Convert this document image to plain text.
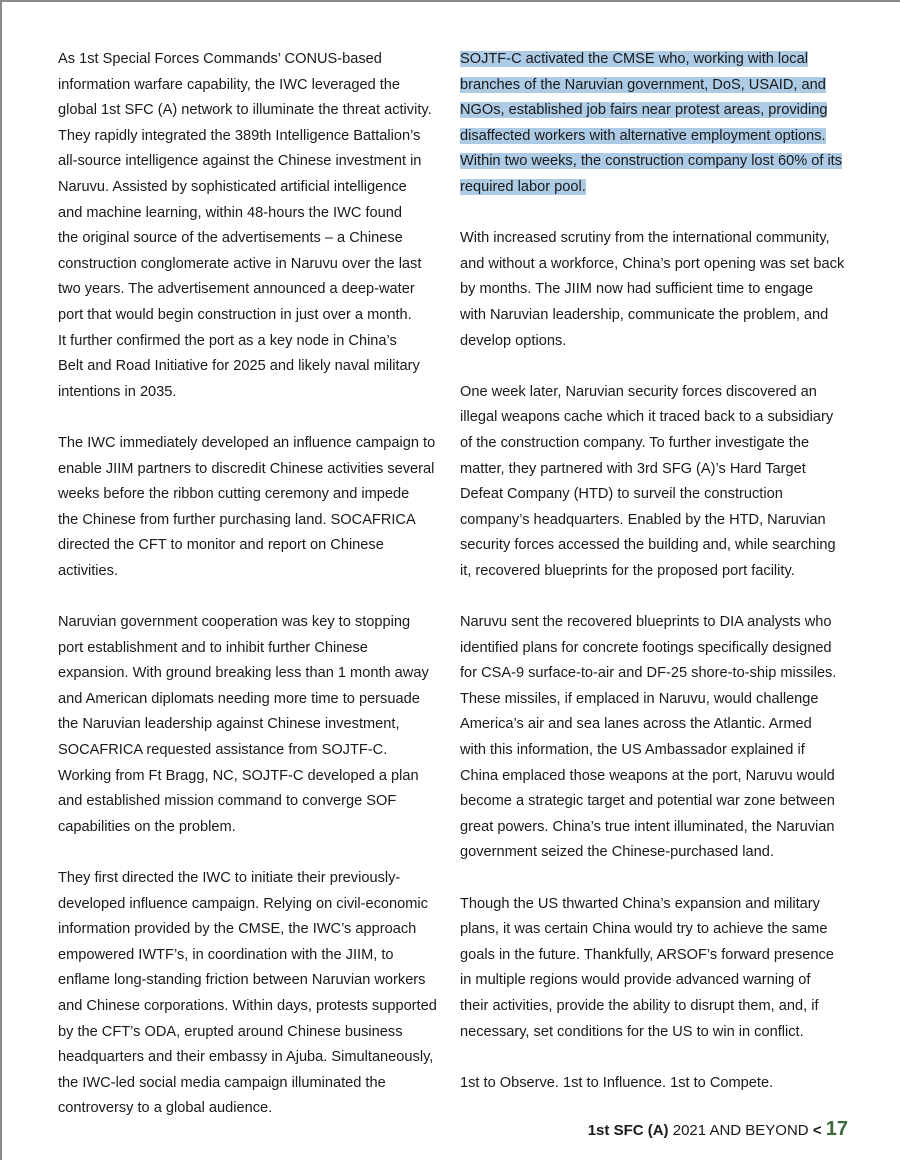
As 1st Special Forces Commands’ CONUS-based
information warfare capability, the IWC leveraged the
global 1st SFC (A) network to illuminate the threat activity.
They rapidly integrated the 389th Intelligence Battalion’s
all-source intelligence against the Chinese investment in
Naruvu. Assisted by sophisticated artificial intelligence
and machine learning, within 48-hours the IWC found
the original source of the advertisements – a Chinese
construction conglomerate active in Naruvu over the last
two years. The advertisement announced a deep-water
port that would begin construction in just over a month.
It further confirmed the port as a key node in China’s
Belt and Road Initiative for 2025 and likely naval military
intentions in 2035.

The IWC immediately developed an influence campaign to
enable JIIM partners to discredit Chinese activities several
weeks before the ribbon cutting ceremony and impede
the Chinese from further purchasing land. SOCAFRICA
directed the CFT to monitor and report on Chinese
activities.

Naruvian government cooperation was key to stopping
port establishment and to inhibit further Chinese
expansion. With ground breaking less than 1 month away
and American diplomats needing more time to persuade
the Naruvian leadership against Chinese investment,
SOCAFRICA requested assistance from SOJTF-C.
Working from Ft Bragg, NC, SOJTF-C developed a plan
and established mission command to converge SOF
capabilities on the problem.

They first directed the IWC to initiate their previously-
developed influence campaign. Relying on civil-economic
information provided by the CMSE, the IWC’s approach
empowered IWTF’s, in coordination with the JIIM, to
enflame long-standing friction between Naruvian workers
and Chinese corporations. Within days, protests supported
by the CFT’s ODA, erupted around Chinese business
headquarters and their embassy in Ajuba. Simultaneously,
the IWC-led social media campaign illuminated the
controversy to a global audience.

SOJTF-C activated the CMSE who, working with local
branches of the Naruvian government, DoS, USAID, and
NGOs, established job fairs near protest areas, providing
disaffected workers with alternative employment options.
Within two weeks, the construction company lost 60% of its
required labor pool.

With increased scrutiny from the international community,
and without a workforce, China’s port opening was set back
by months. The JIIM now had sufficient time to engage
with Naruvian leadership, communicate the problem, and
develop options.

One week later, Naruvian security forces discovered an
illegal weapons cache which it traced back to a subsidiary
of the construction company. To further investigate the
matter, they partnered with 3rd SFG (A)’s Hard Target
Defeat Company (HTD) to surveil the construction
company’s headquarters. Enabled by the HTD, Naruvian
security forces accessed the building and, while searching
it, recovered blueprints for the proposed port facility.

Naruvu sent the recovered blueprints to DIA analysts who
identified plans for concrete footings specifically designed
for CSA-9 surface-to-air and DF-25 shore-to-ship missiles.
These missiles, if emplaced in Naruvu, would challenge
America’s air and sea lanes across the Atlantic. Armed
with this information, the US Ambassador explained if
China emplaced those weapons at the port, Naruvu would
become a strategic target and potential war zone between
great powers. China’s true intent illuminated, the Naruvian
government seized the Chinese-purchased land.

Though the US thwarted China’s expansion and military
plans, it was certain China would try to achieve the same
goals in the future. Thankfully, ARSOF’s forward presence
in multiple regions would provide advanced warning of
their activities, provide the ability to disrupt them, and, if
necessary, set conditions for the US to win in conflict.

1st to Observe. 1st to Influence. 1st to Compete.

1st SFC (A) 2021 AND BEYOND < 17
